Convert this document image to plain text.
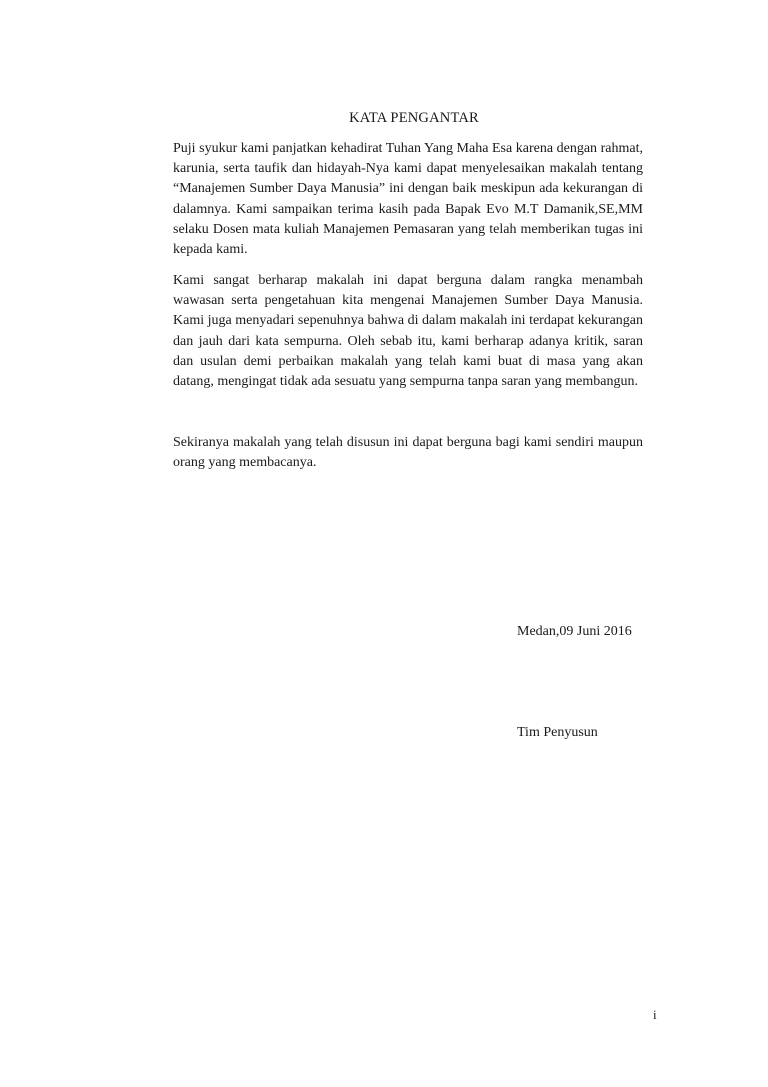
KATA PENGANTAR

Puji syukur kami panjatkan kehadirat Tuhan Yang Maha Esa karena dengan rahmat, karunia, serta taufik dan hidayah-Nya kami dapat menyelesaikan makalah tentang “Manajemen Sumber Daya Manusia” ini dengan baik meskipun ada kekurangan di dalamnya. Kami sampaikan terima kasih pada Bapak Evo M.T Damanik,SE,MM selaku Dosen mata kuliah Manajemen Pemasaran yang telah memberikan tugas ini kepada kami.

Kami sangat berharap makalah ini dapat berguna dalam rangka menambah wawasan serta pengetahuan kita mengenai Manajemen Sumber Daya Manusia. Kami juga menyadari sepenuhnya bahwa di dalam makalah ini terdapat kekurangan dan jauh dari kata sempurna. Oleh sebab itu, kami berharap adanya kritik, saran dan usulan demi perbaikan makalah yang telah kami buat di masa yang akan datang, mengingat tidak ada sesuatu yang sempurna tanpa saran yang membangun.

Sekiranya makalah yang telah disusun ini dapat berguna bagi kami sendiri maupun orang yang membacanya.

Medan,09 Juni 2016
Tim Penyusun
i
